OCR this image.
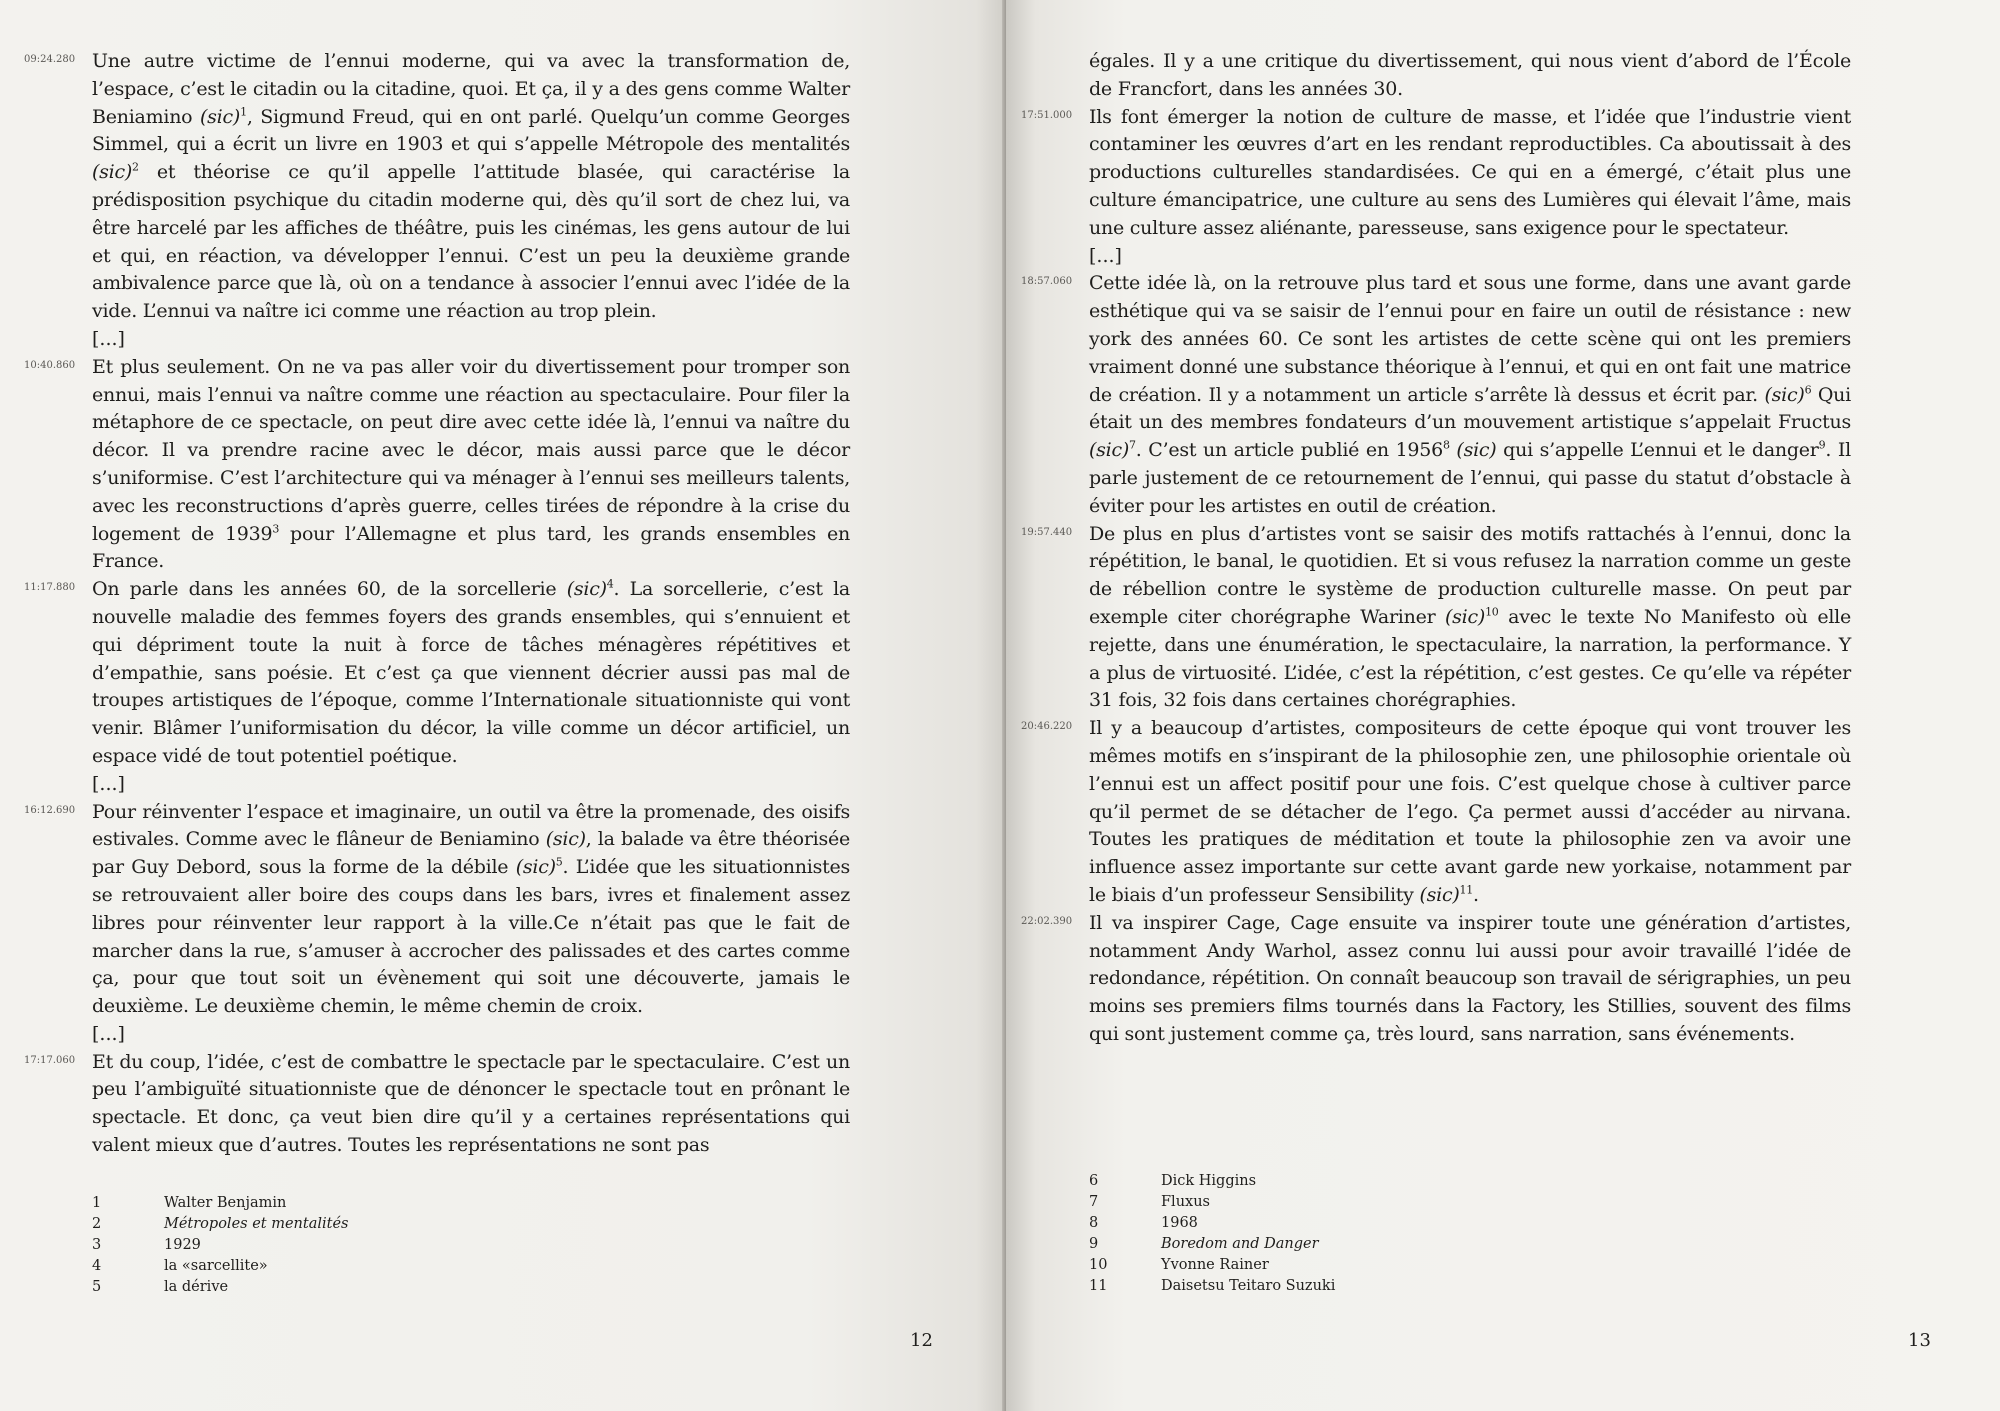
09:24.280 Une autre victime de l’ennui moderne, qui va avec la transformation de, l’espace, c’est le citadin ou la citadine, quoi. Et ça, il y a des gens comme Walter Beniamino (sic)$^1$, Sigmund Freud, qui en ont parlé. Quelqu’un comme Georges Simmel, qui a écrit un livre en 1903 et qui s’appelle Métropole des mentalités (sic)$^2$ et théorise ce qu’il appelle l’attitude blasée, qui caractérise la prédisposition psychique du citadin moderne qui, dès qu’il sort de chez lui, va être harcelé par les affiches de théâtre, puis les cinémas, les gens autour de lui et qui, en réaction, va développer l’ennui. C’est un peu la deuxième grande ambivalence parce que là, où on a tendance à associer l’ennui avec l’idée de la vide. L’ennui va naître ici comme une réaction au trop plein.

[...]

10:40.860 Et plus seulement. On ne va pas aller voir du divertissement pour tromper son ennui, mais l’ennui va naître comme une réaction au spectaculaire. Pour filer la métaphore de ce spectacle, on peut dire avec cette idée là, l’ennui va naître du décor. Il va prendre racine avec le décor, mais aussi parce que le décor s’uniformise. C’est l’architecture qui va ménager à l’ennui ses meilleurs talents, avec les reconstructions d’après guerre, celles tirées de répondre à la crise du logement de 1939$^3$ pour l’Allemagne et plus tard, les grands ensembles en France.

11:17.880 On parle dans les années 60, de la sorcellerie (sic)$^4$. La sorcellerie, c’est la nouvelle maladie des femmes foyers des grands ensembles, qui s’ennuient et qui dépriment toute la nuit à force de tâches ménagères répétitives et d’empathie, sans poésie. Et c’est ça que viennent décrier aussi pas mal de troupes artistiques de l’époque, comme l’Internationale situationniste qui vont venir. Blâmer l’uniformisation du décor, la ville comme un décor artificiel, un espace vidé de tout potentiel poétique.

[...]

16:12.690 Pour réinventer l’espace et imaginaire, un outil va être la promenade, des oisifs estivales. Comme avec le flâneur de Beniamino (sic), la balade va être théorisée par Guy Debord, sous la forme de la débile (sic)$^5$. L’idée que les situationnistes se retrouvaient aller boire des coups dans les bars, ivres et finalement assez libres pour réinventer leur rapport à la ville.Ce n’était pas que le fait de marcher dans la rue, s’amuser à accrocher des palissades et des cartes comme ça, pour que tout soit un évènement qui soit une découverte, jamais le deuxième. Le deuxième chemin, le même chemin de croix.

[...]

17:17.060 Et du coup, l’idée, c’est de combattre le spectacle par le spectaculaire. C’est un peu l’ambiguïté situationniste que de dénoncer le spectacle tout en prônant le spectacle. Et donc, ça veut bien dire qu’il y a certaines représentations qui valent mieux que d’autres. Toutes les représentations ne sont pas

1	Walter Benjamin
2	Métropoles et mentalités
3	1929
4	la «sarcellite»
5	la dérive
12

égales. Il y a une critique du divertissement, qui nous vient d’abord de l’École de Francfort, dans les années 30.

17:51.000 Ils font émerger la notion de culture de masse, et l’idée que l’industrie vient contaminer les œuvres d’art en les rendant reproductibles. Ca aboutissait à des productions culturelles standardisées. Ce qui en a émergé, c’était plus une culture émancipatrice, une culture au sens des Lumières qui élevait l’âme, mais une culture assez aliénante, paresseuse, sans exigence pour le spectateur.

[...]

18:57.060 Cette idée là, on la retrouve plus tard et sous une forme, dans une avant garde esthétique qui va se saisir de l’ennui pour en faire un outil de résistance : new york des années 60. Ce sont les artistes de cette scène qui ont les premiers vraiment donné une substance théorique à l’ennui, et qui en ont fait une matrice de création. Il y a notamment un article s’arrête là dessus et écrit par. (sic)$^6$ Qui était un des membres fondateurs d’un mouvement artistique s’appelait Fructus (sic)$^7$. C’est un article publié en 1956$^8$ (sic) qui s’appelle L’ennui et le danger$^9$. Il parle justement de ce retournement de l’ennui, qui passe du statut d’obstacle à éviter pour les artistes en outil de création.

19:57.440 De plus en plus d’artistes vont se saisir des motifs rattachés à l’ennui, donc la répétition, le banal, le quotidien. Et si vous refusez la narration comme un geste de rébellion contre le système de production culturelle masse. On peut par exemple citer chorégraphe Wariner (sic)$^{10}$ avec le texte No Manifesto où elle rejette, dans une énumération, le spectaculaire, la narration, la performance. Y a plus de virtuosité. L’idée, c’est la répétition, c’est gestes. Ce qu’elle va répéter 31 fois, 32 fois dans certaines chorégraphies.

20:46.220 Il y a beaucoup d’artistes, compositeurs de cette époque qui vont trouver les mêmes motifs en s’inspirant de la philosophie zen, une philosophie orientale où l’ennui est un affect positif pour une fois. C’est quelque chose à cultiver parce qu’il permet de se détacher de l’ego. Ça permet aussi d’accéder au nirvana. Toutes les pratiques de méditation et toute la philosophie zen va avoir une influence assez importante sur cette avant garde new yorkaise, notamment par le biais d’un professeur Sensibility (sic)$^{11}$.

22:02.390 Il va inspirer Cage, Cage ensuite va inspirer toute une génération d’artistes, notamment Andy Warhol, assez connu lui aussi pour avoir travaillé l’idée de redondance, répétition. On connaît beaucoup son travail de sérigraphies, un peu moins ses premiers films tournés dans la Factory, les Stillies, souvent des films qui sont justement comme ça, très lourd, sans narration, sans événements.

6	Dick Higgins
7	Fluxus
8	1968
9	Boredom and Danger
10	Yvonne Rainer
11	Daisetsu Teitaro Suzuki
13
